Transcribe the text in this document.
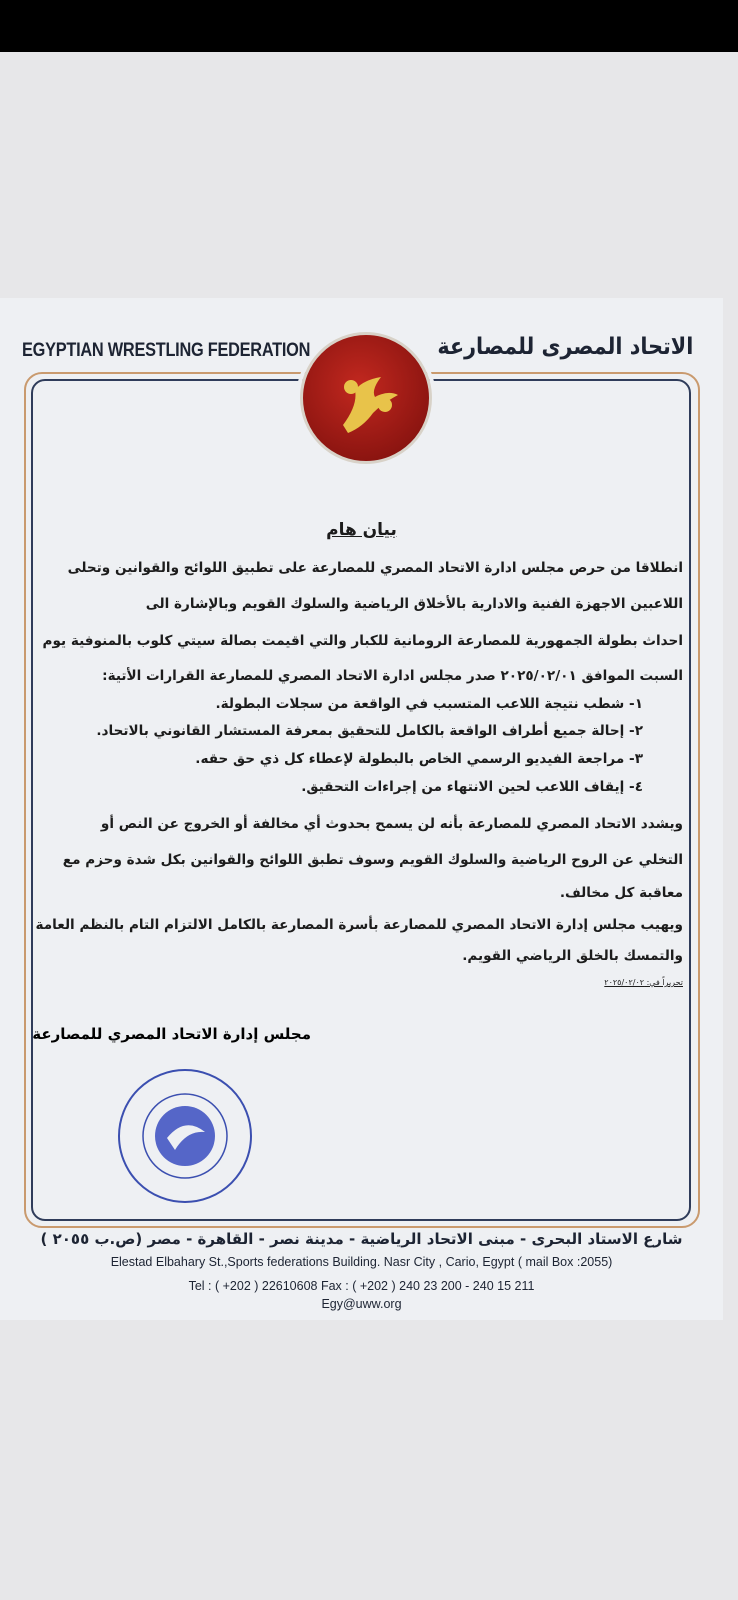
EGYPTIAN WRESTLING FEDERATION	الاتحاد المصرى للمصارعة
بيان هام
انطلاقا من حرص مجلس ادارة الاتحاد المصري للمصارعة على تطبيق اللوائح والقوانين وتحلى
اللاعبين الاجهزة الفنية والادارية بالأخلاق الرياضية والسلوك القويم وبالإشارة الى
احداث بطولة الجمهورية للمصارعة الرومانية للكبار والتي اقيمت بصالة سيتي كلوب بالمنوفية يوم
السبت الموافق ٢٠٢٥/٠٢/٠١ صدر مجلس ادارة الاتحاد المصري للمصارعة القرارات الأتية:
١- شطب نتيجة اللاعب المتسبب في الواقعة من سجلات البطولة.
٢- إحالة جميع أطراف الواقعة بالكامل للتحقيق بمعرفة المستشار القانوني بالاتحاد.
٣- مراجعة الفيديو الرسمي الخاص بالبطولة لإعطاء كل ذي حق حقه.
٤- إيقاف اللاعب لحين الانتهاء من إجراءات التحقيق.
ويشدد الاتحاد المصري للمصارعة بأنه لن يسمح بحدوث أي مخالفة أو الخروج عن النص أو
التخلي عن الروح الرياضية والسلوك القويم وسوف تطبق اللوائح والقوانين بكل شدة وحزم مع
معاقبة كل مخالف.
ويهيب مجلس إدارة الاتحاد المصري للمصارعة بأسرة المصارعة بالكامل الالتزام التام بالنظم العامة
والتمسك بالخلق الرياضي القويم.
تحريراً في: ٢٠٢٥/٠٢/٠٢
مجلس إدارة الاتحاد المصري للمصارعة
شارع الاستاد البحرى - مبنى الاتحاد الرياضية - مدينة نصر - القاهرة - مصر (ص.ب ٢٠٥٥ )
Elestad Elbahary St.,Sports federations Building. Nasr City , Cario, Egypt ( mail Box :2055)
Tel : ( +202 ) 22610608 Fax : ( +202 ) 240 23 200 - 240 15 211
Egy@uww.org
